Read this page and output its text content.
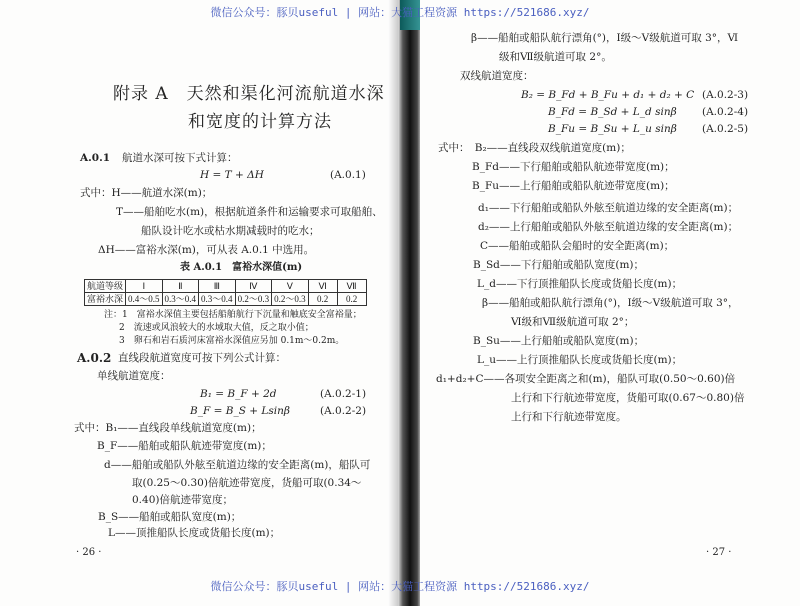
附录 A　天然和渠化河流航道水深
和宽度的计算方法
A.0.1 航道水深可按下式计算：
H = T + ΔH	(A.0.1)
式中：H——航道水深(m)；
T——船舶吃水(m)，根据航道条件和运输要求可取船舶、
船队设计吃水或枯水期减载时的吃水；
ΔH——富裕水深(m)，可从表 A.0.1 中选用。
表 A.0.1　富裕水深值(m)
航道等级	Ⅰ	Ⅱ	Ⅲ	Ⅳ	Ⅴ	Ⅵ	Ⅶ
富裕水深	0.4～0.5	0.3～0.4	0.3～0.4	0.2～0.3	0.2～0.3	0.2	0.2
注：1　富裕水深值主要包括船舶航行下沉量和触底安全富裕量；
2　流速或风浪较大的水域取大值，反之取小值；
3　卵石和岩石质河床富裕水深值应另加 0.1m～0.2m。
A.0.2 直线段航道宽度可按下列公式计算：
单线航道宽度：
B₁ = B_F + 2d	(A.0.2-1)
B_F = B_S + Lsinβ	(A.0.2-2)
式中：B₁——直线段单线航道宽度(m)；
B_F——船舶或船队航迹带宽度(m)；
d——船舶或船队外舷至航道边缘的安全距离(m)，船队可
取(0.25～0.30)倍航迹带宽度，货船可取(0.34～
0.40)倍航迹带宽度；
B_S——船舶或船队宽度(m)；
L——顶推船队长度或货船长度(m)；
· 26 ·
β——船舶或船队航行漂角(°)，Ⅰ级～Ⅴ级航道可取 3°，Ⅵ
级和Ⅶ级航道可取 2°。
双线航道宽度：
B₂ = B_Fd + B_Fu + d₁ + d₂ + C (A.0.2-3)
B_Fd = B_Sd + L_d sinβ (A.0.2-4)
B_Fu = B_Su + L_u sinβ (A.0.2-5)
式中：　B₂——直线段双线航道宽度(m)；
B_Fd——下行船舶或船队航迹带宽度(m)；
B_Fu——上行船舶或船队航迹带宽度(m)；
d₁——下行船舶或船队外舷至航道边缘的安全距离(m)；
d₂——上行船舶或船队外舷至航道边缘的安全距离(m)；
C——船舶或船队会船时的安全距离(m)；
B_Sd——下行船舶或船队宽度(m)；
L_d——下行顶推船队长度或货船长度(m)；
β——船舶或船队航行漂角(°)，Ⅰ级～Ⅴ级航道可取 3°，
Ⅵ级和Ⅶ级航道可取 2°；
B_Su——上行船舶或船队宽度(m)；
L_u——上行顶推船队长度或货船长度(m)；
d₁+d₂+C——各项安全距离之和(m)，船队可取(0.50～0.60)倍
上行和下行航迹带宽度，货船可取(0.67～0.80)倍
上行和下行航迹带宽度。
· 27 ·
微信公众号：豚贝useful | 网站：大猫工程资源 https://521686.xyz/
微信公众号：豚贝useful | 网站：大猫工程资源 https://521686.xyz/
